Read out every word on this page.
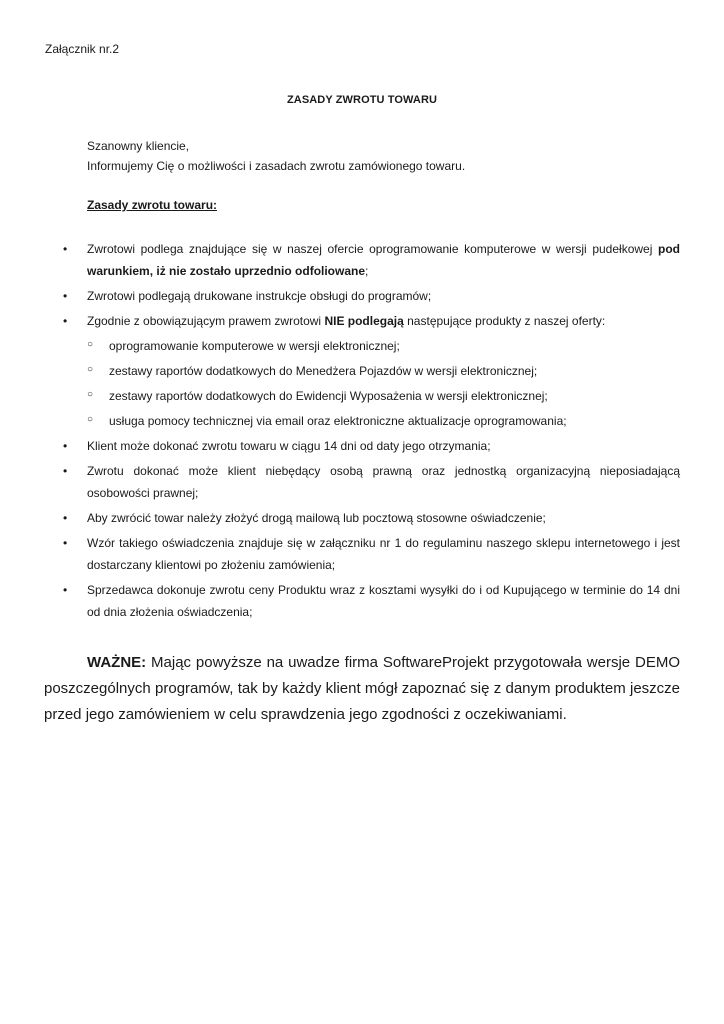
Załącznik nr.2
ZASADY ZWROTU TOWARU
Szanowny kliencie,
Informujemy Cię o możliwości i zasadach zwrotu zamówionego towaru.
Zasady zwrotu towaru:
• Zwrotowi podlega znajdujące się w naszej ofercie oprogramowanie komputerowe w wersji pudełkowej pod warunkiem, iż nie zostało uprzednio odfoliowane;
• Zwrotowi podlegają drukowane instrukcje obsługi do programów;
• Zgodnie z obowiązującym prawem zwrotowi NIE podlegają następujące produkty z naszej oferty:
○ oprogramowanie komputerowe w wersji elektronicznej;
○ zestawy raportów dodatkowych do Menedżera Pojazdów w wersji elektronicznej;
○ zestawy raportów dodatkowych do Ewidencji Wyposażenia w wersji elektronicznej;
○ usługa pomocy technicznej via email oraz elektroniczne aktualizacje oprogramowania;
• Klient może dokonać zwrotu towaru w ciągu 14 dni od daty jego otrzymania;
• Zwrotu dokonać może klient niebędący osobą prawną oraz jednostką organizacyjną nieposiadającą osobowości prawnej;
• Aby zwrócić towar należy złożyć drogą mailową lub pocztową stosowne oświadczenie;
• Wzór takiego oświadczenia znajduje się w załączniku nr 1 do regulaminu naszego sklepu internetowego i jest dostarczany klientowi po złożeniu zamówienia;
• Sprzedawca dokonuje zwrotu ceny Produktu wraz z kosztami wysyłki do i od Kupującego w terminie do 14 dni od dnia złożenia oświadczenia;
WAŻNE: Mając powyższe na uwadze firma SoftwareProjekt przygotowała wersje DEMO poszczególnych programów, tak by każdy klient mógł zapoznać się z danym produktem jeszcze przed jego zamówieniem w celu sprawdzenia jego zgodności z oczekiwaniami.
